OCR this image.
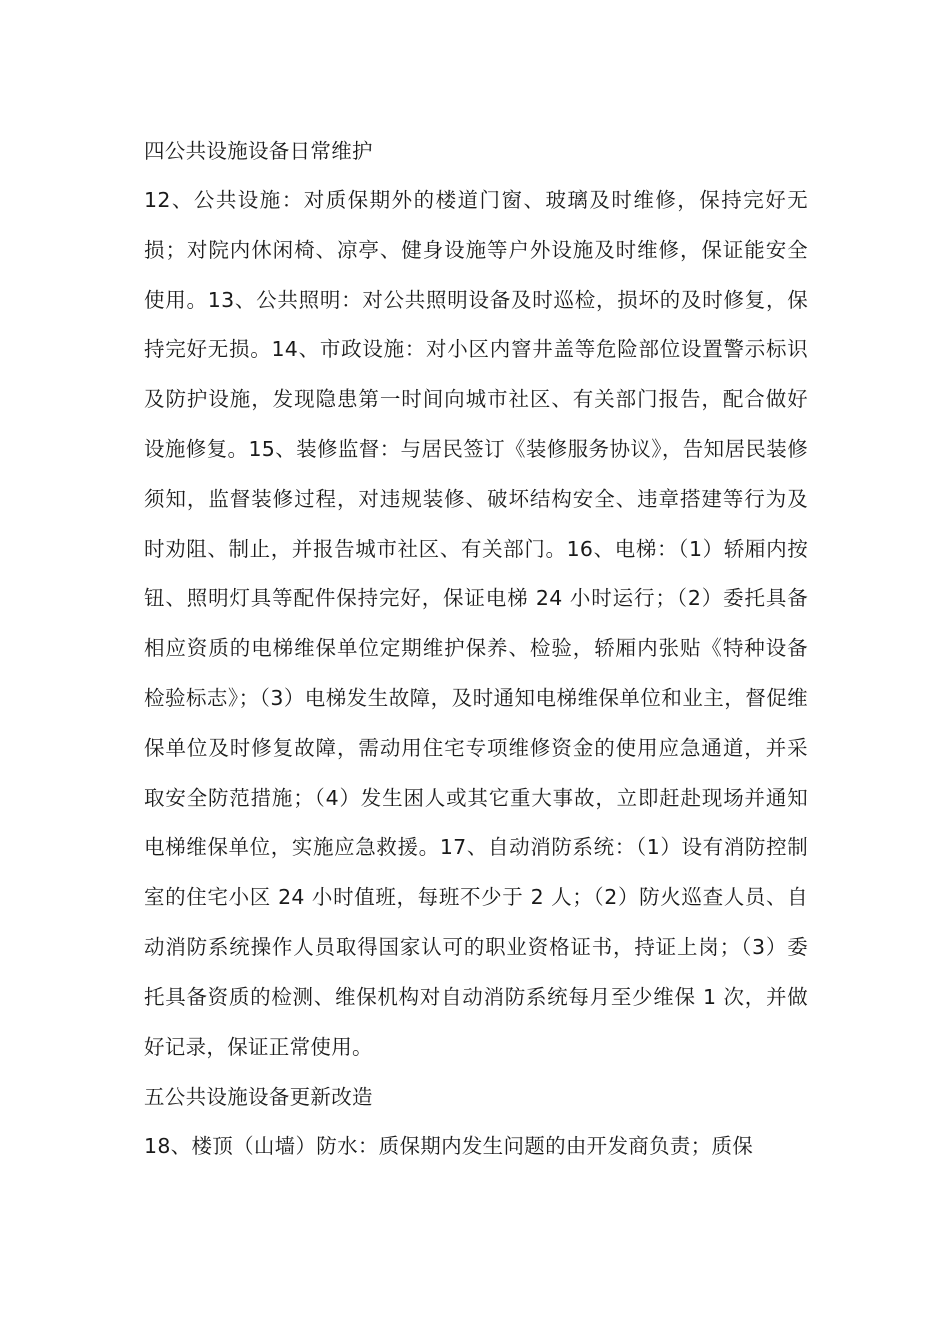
四公共设施设备日常维护

12、公共设施：对质保期外的楼道门窗、玻璃及时维修，保持完好无损；对院内休闲椅、凉亭、健身设施等户外设施及时维修，保证能安全使用。13、公共照明：对公共照明设备及时巡检，损坏的及时修复，保持完好无损。14、市政设施：对小区内窨井盖等危险部位设置警示标识及防护设施，发现隐患第一时间向城市社区、有关部门报告，配合做好设施修复。15、装修监督：与居民签订《装修服务协议》，告知居民装修须知，监督装修过程，对违规装修、破坏结构安全、违章搭建等行为及时劝阻、制止，并报告城市社区、有关部门。16、电梯：（1）轿厢内按钮、照明灯具等配件保持完好，保证电梯 24 小时运行；（2）委托具备相应资质的电梯维保单位定期维护保养、检验，轿厢内张贴《特种设备检验标志》；（3）电梯发生故障，及时通知电梯维保单位和业主，督促维保单位及时修复故障，需动用住宅专项维修资金的使用应急通道，并采取安全防范措施；（4）发生困人或其它重大事故，立即赶赴现场并通知电梯维保单位，实施应急救援。17、自动消防系统：（1）设有消防控制室的住宅小区 24 小时值班，每班不少于 2 人；（2）防火巡查人员、自动消防系统操作人员取得国家认可的职业资格证书，持证上岗；（3）委托具备资质的检测、维保机构对自动消防系统每月至少维保 1 次，并做好记录，保证正常使用。

五公共设施设备更新改造

18、楼顶（山墙）防水：质保期内发生问题的由开发商负责；质保
